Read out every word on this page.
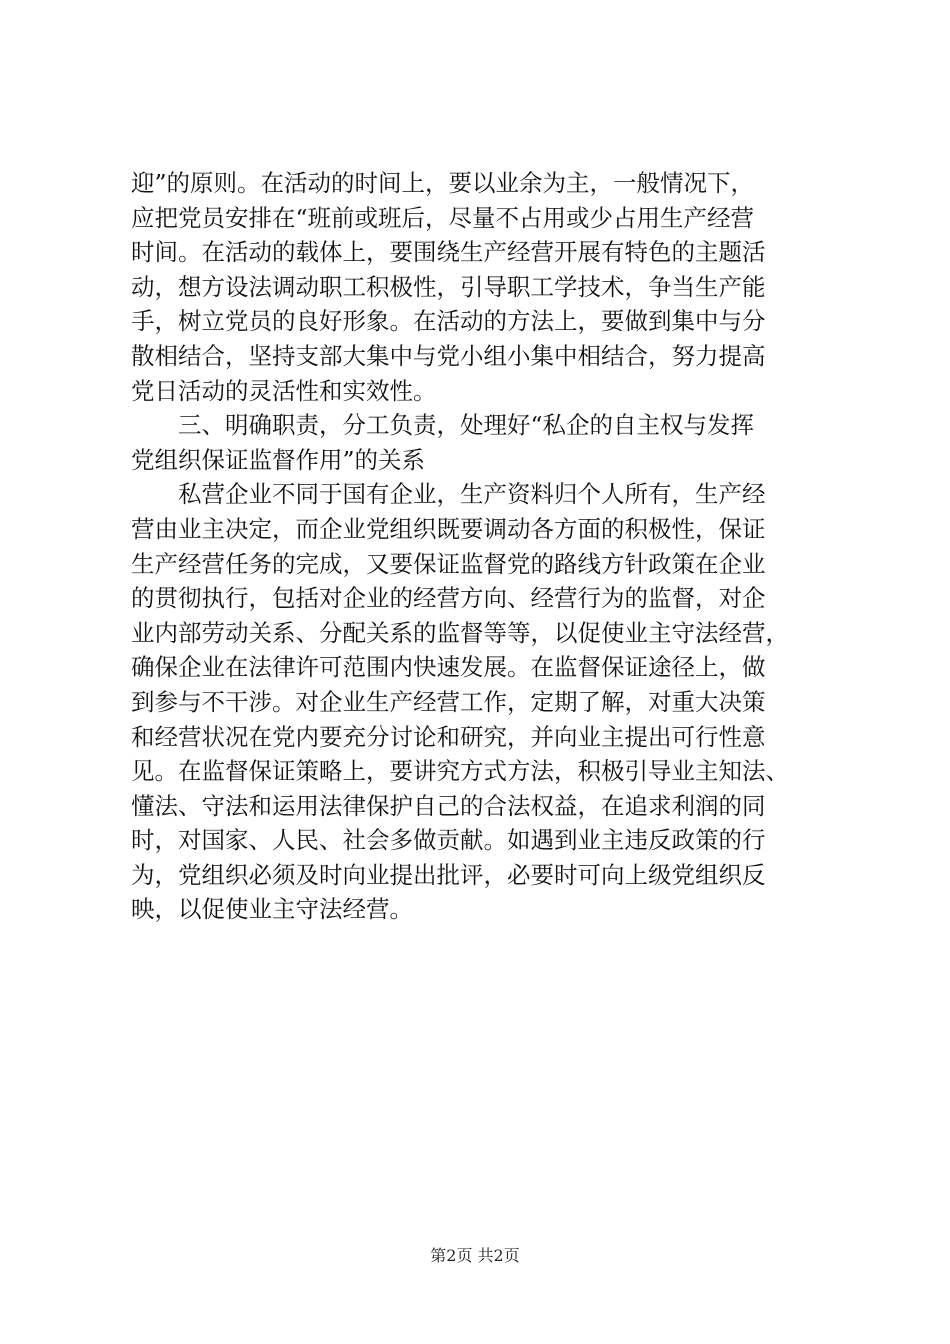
迎”的原则。在活动的时间上，要以业余为主，一般情况下，
应把党员安排在“班前或班后，尽量不占用或少占用生产经营
时间。在活动的载体上，要围绕生产经营开展有特色的主题活
动，想方设法调动职工积极性，引导职工学技术，争当生产能
手，树立党员的良好形象。在活动的方法上，要做到集中与分
散相结合，坚持支部大集中与党小组小集中相结合，努力提高
党日活动的灵活性和实效性。
　　三、明确职责，分工负责，处理好“私企的自主权与发挥
党组织保证监督作用”的关系
　　私营企业不同于国有企业，生产资料归个人所有，生产经
营由业主决定，而企业党组织既要调动各方面的积极性，保证
生产经营任务的完成，又要保证监督党的路线方针政策在企业
的贯彻执行，包括对企业的经营方向、经营行为的监督，对企
业内部劳动关系、分配关系的监督等等，以促使业主守法经营，
确保企业在法律许可范围内快速发展。在监督保证途径上，做
到参与不干涉。对企业生产经营工作，定期了解，对重大决策
和经营状况在党内要充分讨论和研究，并向业主提出可行性意
见。在监督保证策略上，要讲究方式方法，积极引导业主知法、
懂法、守法和运用法律保护自己的合法权益，在追求利润的同
时，对国家、人民、社会多做贡献。如遇到业主违反政策的行
为，党组织必须及时向业提出批评，必要时可向上级党组织反
映，以促使业主守法经营。
第2页 共2页
